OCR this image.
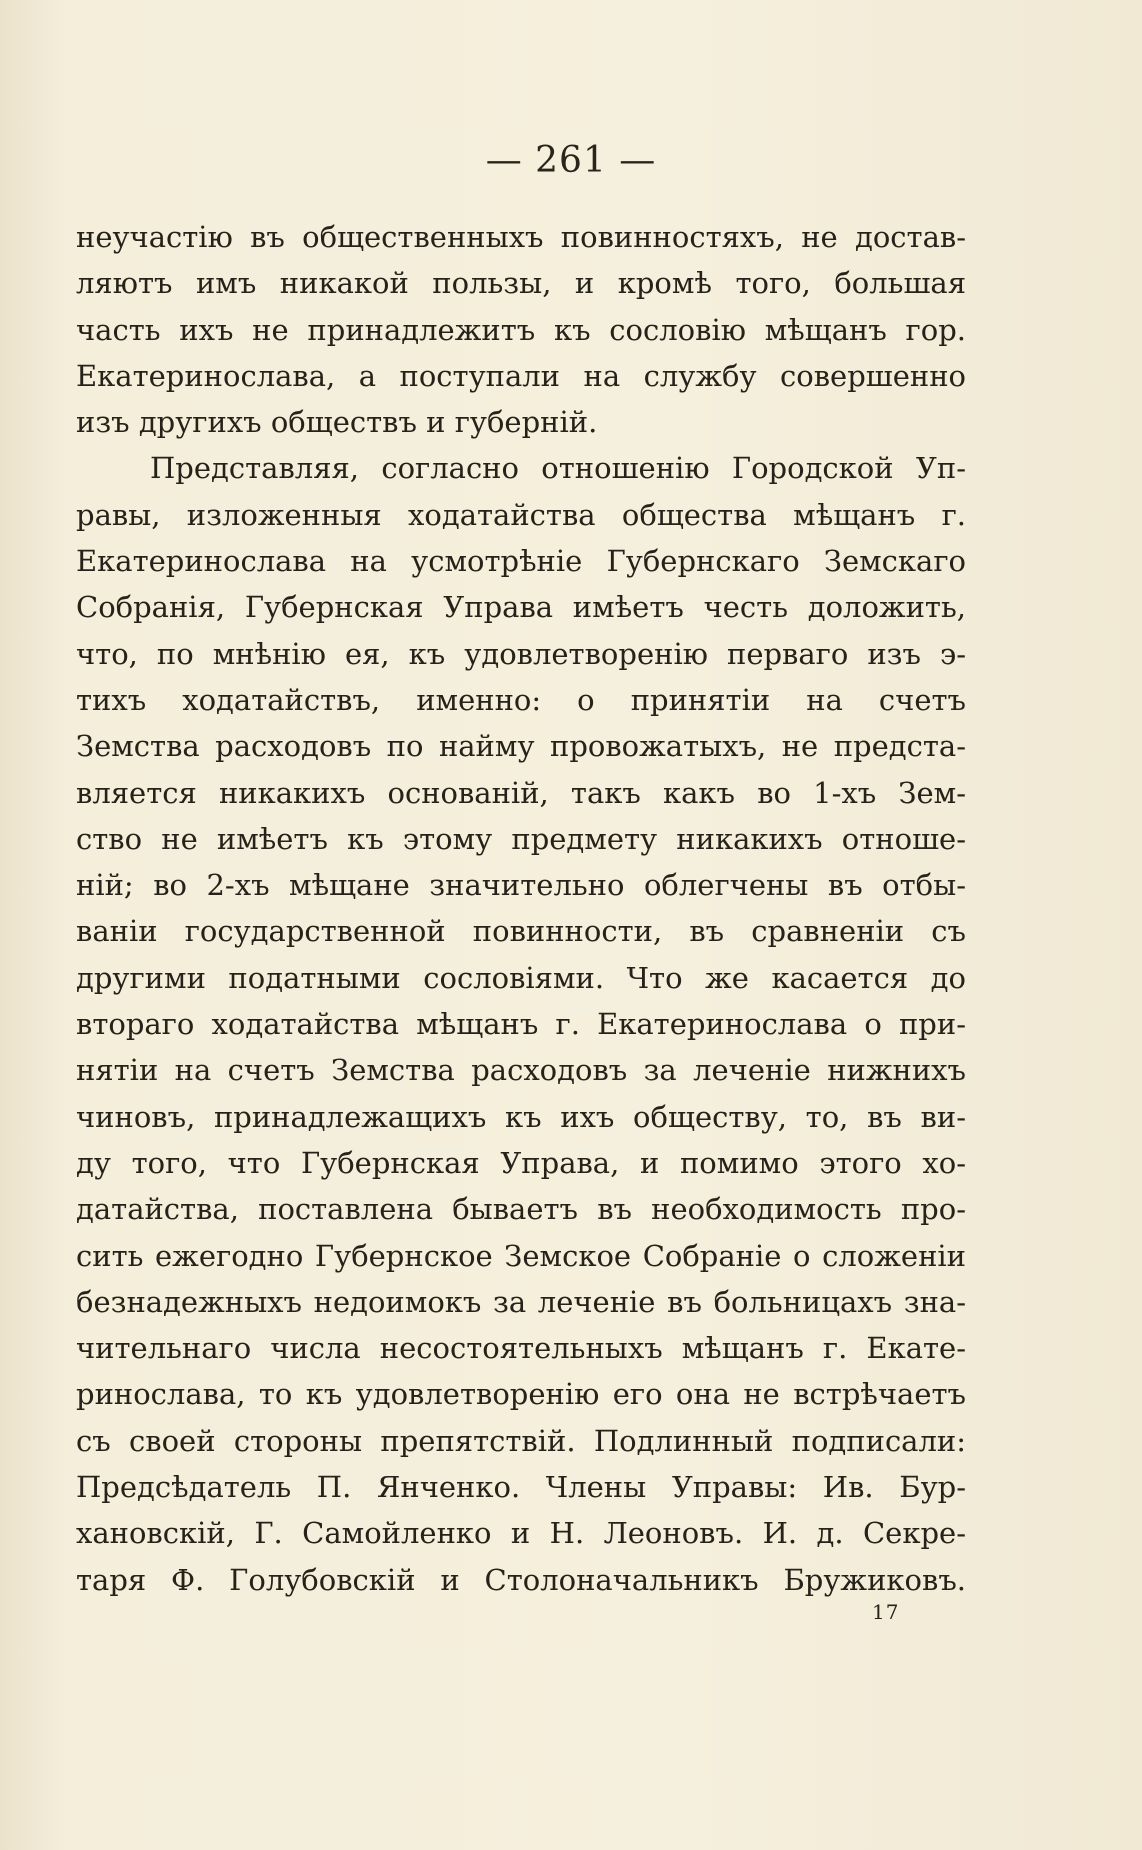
— 261 —
неучастію въ общественныхъ повинностяхъ, не достав-
ляютъ имъ никакой пользы, и кромѣ того, большая
часть ихъ не принадлежитъ къ сословію мѣщанъ гор.
Екатеринослава, а поступали на службу совершенно
изъ другихъ обществъ и губерній.
Представляя, согласно отношенію Городской Уп-
равы, изложенныя ходатайства общества мѣщанъ г.
Екатеринослава на усмотрѣніе Губернскаго Земскаго
Собранія, Губернская Управа имѣетъ честь доложить,
что, по мнѣнію ея, къ удовлетворенію перваго изъ э-
тихъ ходатайствъ, именно: о принятіи на счетъ
Земства расходовъ по найму провожатыхъ, не предста-
вляется никакихъ основаній, такъ какъ во 1-хъ Зем-
ство не имѣетъ къ этому предмету никакихъ отноше-
ній; во 2-хъ мѣщане значительно облегчены въ отбы-
ваніи государственной повинности, въ сравненіи съ
другими податными сословіями. Что же касается до
втораго ходатайства мѣщанъ г. Екатеринослава о при-
нятіи на счетъ Земства расходовъ за леченіе нижнихъ
чиновъ, принадлежащихъ къ ихъ обществу, то, въ ви-
ду того, что Губернская Управа, и помимо этого хо-
датайства, поставлена бываетъ въ необходимость про-
сить ежегодно Губернское Земское Собраніе о сложеніи
безнадежныхъ недоимокъ за леченіе въ больницахъ зна-
чительнаго числа несостоятельныхъ мѣщанъ г. Екате-
ринослава, то къ удовлетворенію его она не встрѣчаетъ
съ своей стороны препятствій. Подлинный подписали:
Предсѣдатель П. Янченко. Члены Управы: Ив. Бур-
хановскій, Г. Самойленко и Н. Леоновъ. И. д. Секре-
таря Ф. Голубовскій и Столоначальникъ Бружиковъ.
17
